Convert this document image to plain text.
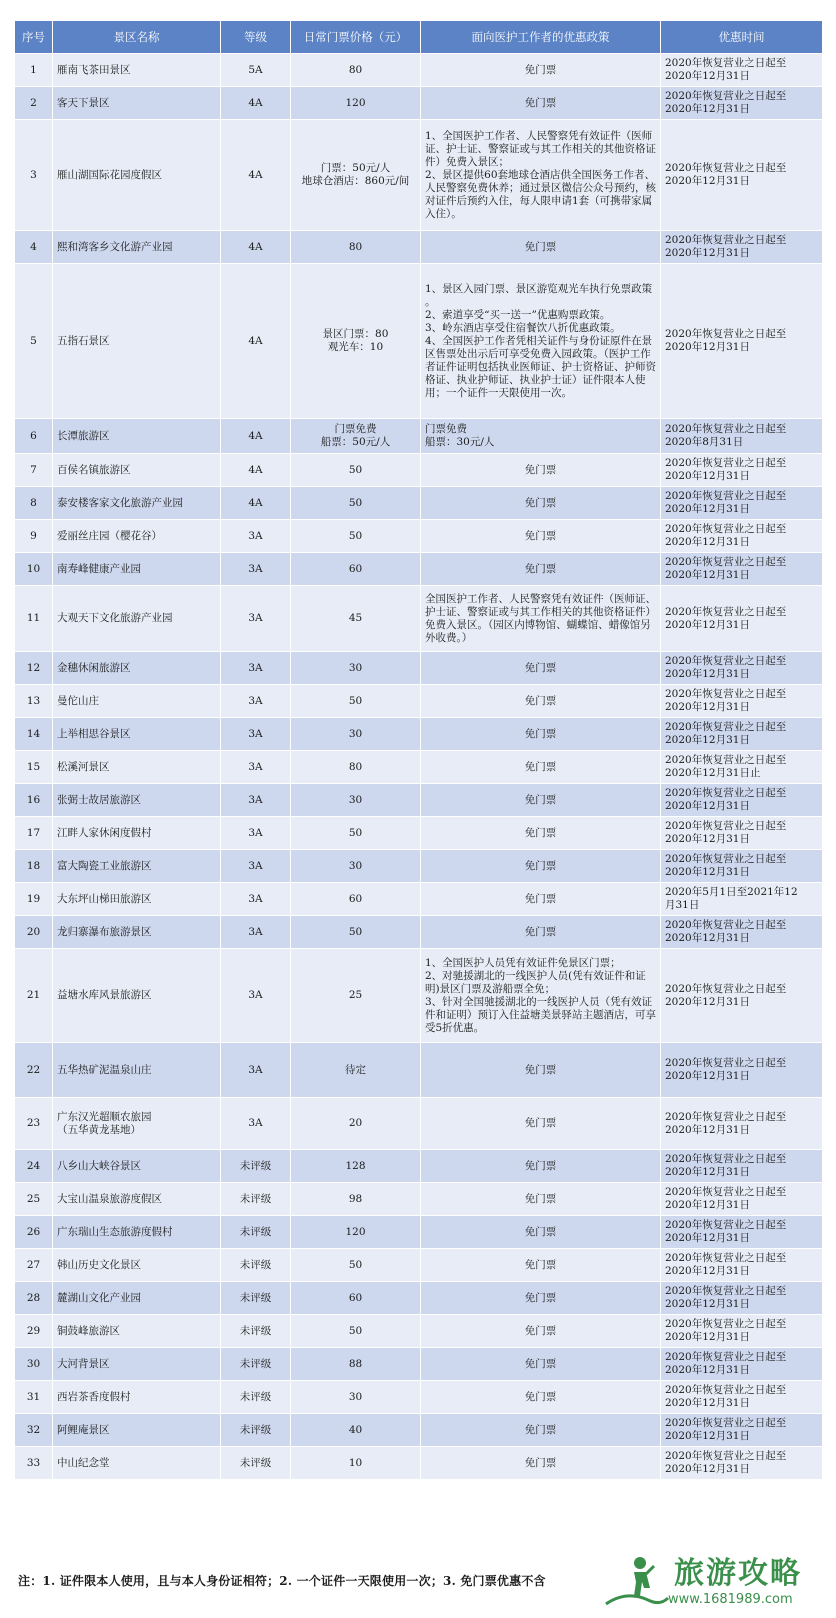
序号	景区名称	等级	日常门票价格（元）	面向医护工作者的优惠政策	优惠时间
1	雁南飞茶田景区	5A	80	免门票	2020年恢复营业之日起至
2020年12月31日
2	客天下景区	4A	120	免门票	2020年恢复营业之日起至
2020年12月31日
3	雁山湖国际花园度假区	4A	门票：50元/人
地球仓酒店：860元/间	1、全国医护工作者、人民警察凭有效证件（医师证、护士证、警察证或与其工作相关的其他资格证件）免费入景区；
2、景区提供60套地球仓酒店供全国医务工作者、人民警察免费休养；通过景区微信公众号预约，核对证件后预约入住，每人限申请1套（可携带家属入住）。	2020年恢复营业之日起至
2020年12月31日
4	熙和湾客乡文化游产业园	4A	80	免门票	2020年恢复营业之日起至
2020年12月31日
5	五指石景区	4A	景区门票：80
观光车：10	1、景区入园门票、景区游览观光车执行免票政策 。
2、索道享受“买一送一”优惠购票政策。
3、岭东酒店享受住宿餐饮八折优惠政策。
4、全国医护工作者凭相关证件与身份证原件在景区售票处出示后可享受免费入园政策。（医护工作者证件证明包括执业医师证、护士资格证、护师资格证、执业护师证、执业护士证）证件限本人使用；一个证件一天限使用一次。	2020年恢复营业之日起至
2020年12月31日
6	长潭旅游区	4A	门票免费
船票：50元/人	门票免费
船票：30元/人	2020年恢复营业之日起至
2020年8月31日
7	百侯名镇旅游区	4A	50	免门票	2020年恢复营业之日起至
2020年12月31日
8	泰安楼客家文化旅游产业园	4A	50	免门票	2020年恢复营业之日起至
2020年12月31日
9	爱丽丝庄园（樱花谷）	3A	50	免门票	2020年恢复营业之日起至
2020年12月31日
10	南寿峰健康产业园	3A	60	免门票	2020年恢复营业之日起至
2020年12月31日
11	大观天下文化旅游产业园	3A	45	全国医护工作者、人民警察凭有效证件（医师证、护士证、警察证或与其工作相关的其他资格证件）免费入景区。（园区内博物馆、蝴蝶馆、蜡像馆另外收费。）	2020年恢复营业之日起至
2020年12月31日
12	金穗休闲旅游区	3A	30	免门票	2020年恢复营业之日起至
2020年12月31日
13	曼佗山庄	3A	50	免门票	2020年恢复营业之日起至
2020年12月31日
14	上举相思谷景区	3A	30	免门票	2020年恢复营业之日起至
2020年12月31日
15	松溪河景区	3A	80	免门票	2020年恢复营业之日起至
2020年12月31日止
16	张弼士故居旅游区	3A	30	免门票	2020年恢复营业之日起至
2020年12月31日
17	江畔人家休闲度假村	3A	50	免门票	2020年恢复营业之日起至
2020年12月31日
18	富大陶瓷工业旅游区	3A	30	免门票	2020年恢复营业之日起至
2020年12月31日
19	大东坪山梯田旅游区	3A	60	免门票	2020年5月1日至2021年12
月31日
20	龙归寨瀑布旅游景区	3A	50	免门票	2020年恢复营业之日起至
2020年12月31日
21	益塘水库风景旅游区	3A	25	1、全国医护人员凭有效证件免景区门票；
2、对驰援湖北的一线医护人员(凭有效证件和证明)景区门票及游船票全免；
3、针对全国驰援湖北的一线医护人员（凭有效证件和证明）预订入住益塘美景驿站主题酒店，可享受5折优惠。	2020年恢复营业之日起至
2020年12月31日
22	五华热矿泥温泉山庄	3A	待定	免门票	2020年恢复营业之日起至
2020年12月31日
23	广东汉光超顺农旅园
（五华黄龙基地）	3A	20	免门票	2020年恢复营业之日起至
2020年12月31日
24	八乡山大峡谷景区	未评级	128	免门票	2020年恢复营业之日起至
2020年12月31日
25	大宝山温泉旅游度假区	未评级	98	免门票	2020年恢复营业之日起至
2020年12月31日
26	广东瑞山生态旅游度假村	未评级	120	免门票	2020年恢复营业之日起至
2020年12月31日
27	韩山历史文化景区	未评级	50	免门票	2020年恢复营业之日起至
2020年12月31日
28	麓湖山文化产业园	未评级	60	免门票	2020年恢复营业之日起至
2020年12月31日
29	铜鼓峰旅游区	未评级	50	免门票	2020年恢复营业之日起至
2020年12月31日
30	大河背景区	未评级	88	免门票	2020年恢复营业之日起至
2020年12月31日
31	西岩茶香度假村	未评级	30	免门票	2020年恢复营业之日起至
2020年12月31日
32	阿鲤庵景区	未评级	40	免门票	2020年恢复营业之日起至
2020年12月31日
33	中山纪念堂	未评级	10	免门票	2020年恢复营业之日起至
2020年12月31日
注：1. 证件限本人使用，且与本人身份证相符；2. 一个证件一天限使用一次；3. 免门票优惠不含	旅游攻略
www.1681989.com
